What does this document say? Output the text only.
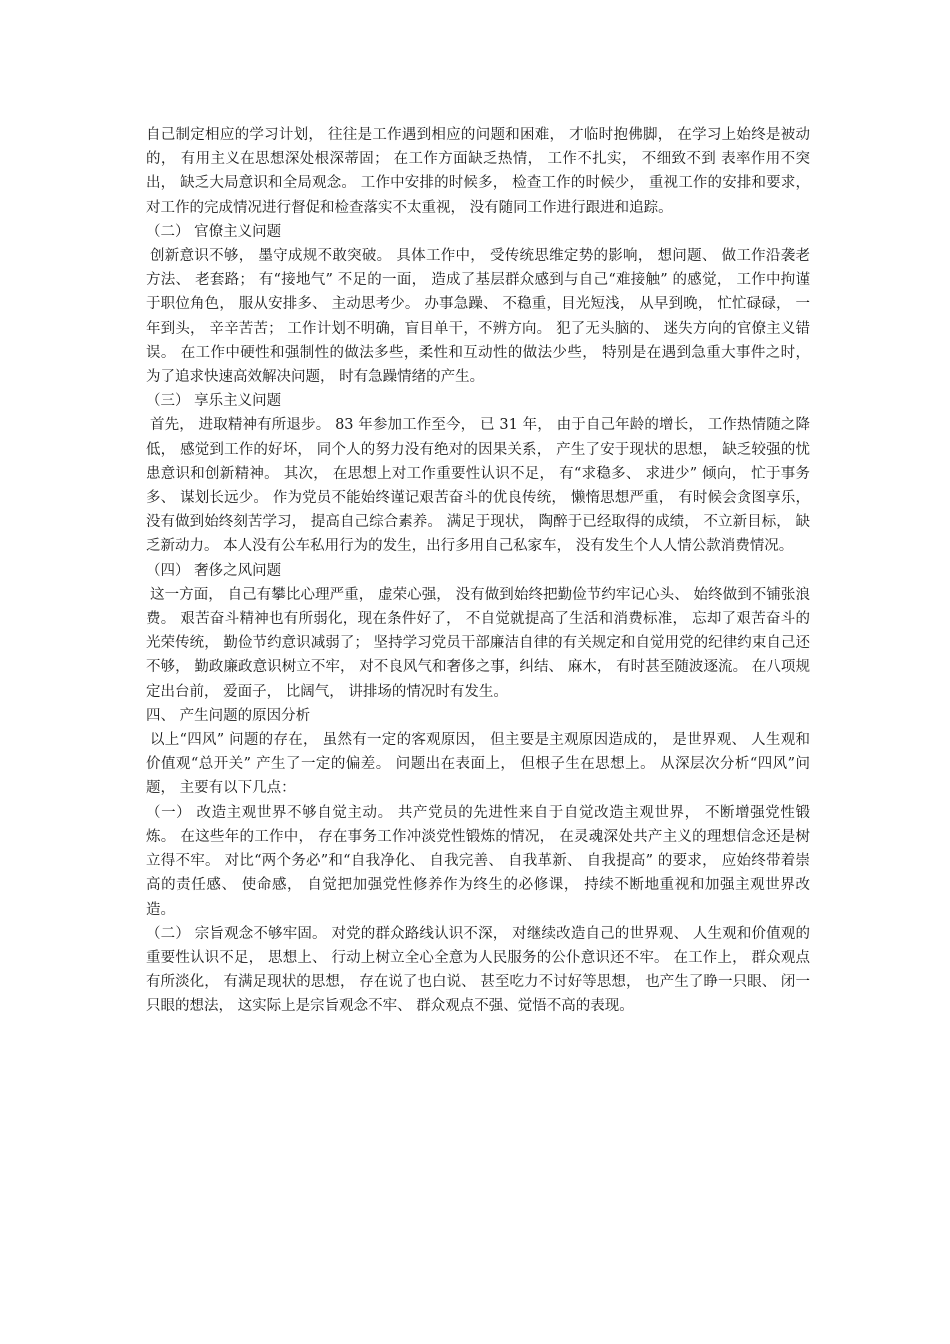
自己制定相应的学习计划， 往往是工作遇到相应的问题和困难， 才临时抱佛脚， 在学习上始终是被动的， 有用主义在思想深处根深蒂固； 在工作方面缺乏热情， 工作不扎实， 不细致不到 表率作用不突出， 缺乏大局意识和全局观念。 工作中安排的时候多， 检查工作的时候少， 重视工作的安排和要求， 对工作的完成情况进行督促和检查落实不太重视， 没有随同工作进行跟进和追踪。

（二） 官僚主义问题

创新意识不够， 墨守成规不敢突破。 具体工作中， 受传统思维定势的影响， 想问题、 做工作沿袭老方法、 老套路； 有“接地气” 不足的一面， 造成了基层群众感到与自己“难接触” 的感觉， 工作中拘谨于职位角色， 服从安排多、 主动思考少。 办事急躁、 不稳重，目光短浅， 从早到晚， 忙忙碌碌， 一年到头， 辛辛苦苦； 工作计划不明确，盲目单干，不辨方向。 犯了无头脑的、 迷失方向的官僚主义错误。 在工作中硬性和强制性的做法多些，柔性和互动性的做法少些， 特别是在遇到急重大事件之时， 为了追求快速高效解决问题， 时有急躁情绪的产生。

（三） 享乐主义问题

首先， 进取精神有所退步。 83 年参加工作至今， 已 31 年， 由于自己年龄的增长， 工作热情随之降低， 感觉到工作的好坏， 同个人的努力没有绝对的因果关系， 产生了安于现状的思想， 缺乏较强的忧患意识和创新精神。 其次， 在思想上对工作重要性认识不足， 有“求稳多、 求进少” 倾向， 忙于事务多、 谋划长远少。 作为党员不能始终谨记艰苦奋斗的优良传统， 懒惰思想严重， 有时候会贪图享乐， 没有做到始终刻苦学习， 提高自己综合素养。 满足于现状， 陶醉于已经取得的成绩， 不立新目标， 缺乏新动力。 本人没有公车私用行为的发生，出行多用自己私家车， 没有发生个人人情公款消费情况。

（四） 奢侈之风问题

这一方面， 自己有攀比心理严重， 虚荣心强， 没有做到始终把勤俭节约牢记心头、 始终做到不铺张浪费。 艰苦奋斗精神也有所弱化，现在条件好了， 不自觉就提高了生活和消费标准， 忘却了艰苦奋斗的光荣传统， 勤俭节约意识减弱了； 坚持学习党员干部廉洁自律的有关规定和自觉用党的纪律约束自己还不够， 勤政廉政意识树立不牢， 对不良风气和奢侈之事，纠结、 麻木， 有时甚至随波逐流。 在八项规定出台前， 爱面子， 比阔气， 讲排场的情况时有发生。

四、 产生问题的原因分析

以上“四风” 问题的存在， 虽然有一定的客观原因， 但主要是主观原因造成的， 是世界观、 人生观和价值观“总开关” 产生了一定的偏差。 问题出在表面上， 但根子生在思想上。 从深层次分析“四风”问题， 主要有以下几点：

（一） 改造主观世界不够自觉主动。 共产党员的先进性来自于自觉改造主观世界， 不断增强党性锻炼。 在这些年的工作中， 存在事务工作冲淡党性锻炼的情况， 在灵魂深处共产主义的理想信念还是树立得不牢。 对比“两个务必”和“自我净化、 自我完善、 自我革新、 自我提高” 的要求， 应始终带着崇高的责任感、 使命感， 自觉把加强党性修养作为终生的必修课， 持续不断地重视和加强主观世界改造。

（二） 宗旨观念不够牢固。 对党的群众路线认识不深， 对继续改造自己的世界观、 人生观和价值观的重要性认识不足， 思想上、 行动上树立全心全意为人民服务的公仆意识还不牢。 在工作上， 群众观点有所淡化， 有满足现状的思想， 存在说了也白说、 甚至吃力不讨好等思想， 也产生了睁一只眼、 闭一只眼的想法， 这实际上是宗旨观念不牢、 群众观点不强、觉悟不高的表现。
